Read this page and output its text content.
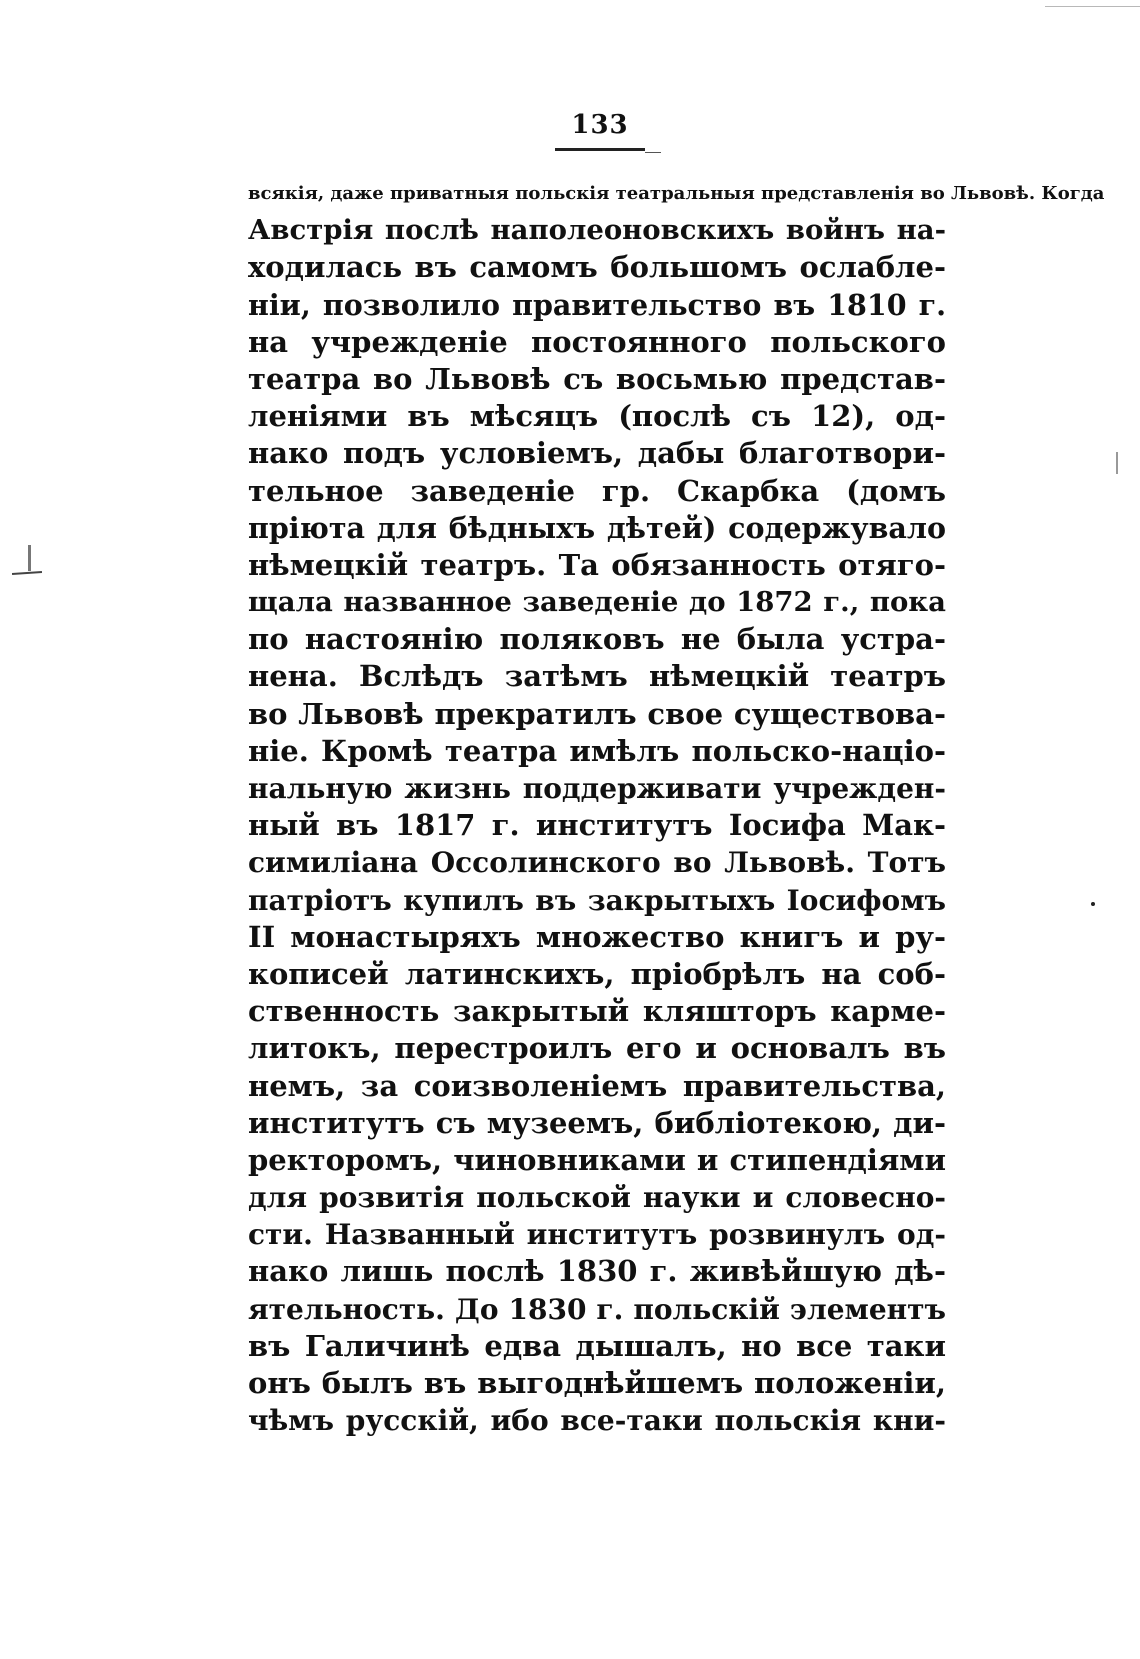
133
всякія, даже приватныя польскія театральныя представленія во Львовѣ. Когда
Австрія послѣ наполеоновскихъ войнъ на-
ходилась въ самомъ большомъ ослабле-
ніи, позволило правительство въ 1810 г.
на учрежденіе постоянного польского
театра во Львовѣ съ восьмью представ-
леніями въ мѣсяцъ (послѣ съ 12), од-
нако подъ условіемъ, дабы благотвори-
тельное заведеніе гр. Скарбка (домъ
пріюта для бѣдныхъ дѣтей) содержувало
нѣмецкій театръ. Та обязанность отяго-
щала названное заведеніе до 1872 г., пока
по настоянію поляковъ не была устра-
нена. Вслѣдъ затѣмъ нѣмецкій театръ
во Львовѣ прекратилъ свое существова-
ніе. Кромѣ театра имѣлъ польско-націо-
нальную жизнь поддерживати учрежден-
ный въ 1817 г. институтъ Іосифа Мак-
симиліана Оссолинского во Львовѣ. Тотъ
патріотъ купилъ въ закрытыхъ Іосифомъ
II монастыряхъ множество книгъ и ру-
кописей латинскихъ, пріобрѣлъ на соб-
ственность закрытый кляшторъ карме-
литокъ, перестроилъ его и основалъ въ
немъ, за соизволеніемъ правительства,
институтъ съ музеемъ, библіотекою, ди-
ректоромъ, чиновниками и стипендіями
для розвитія польской науки и словесно-
сти. Названный институтъ розвинулъ од-
нако лишь послѣ 1830 г. живѣйшую дѣ-
ятельность. До 1830 г. польскій элементъ
въ Галичинѣ едва дышалъ, но все таки
онъ былъ въ выгоднѣйшемъ положеніи,
чѣмъ русскій, ибо все-таки польскія кни-
